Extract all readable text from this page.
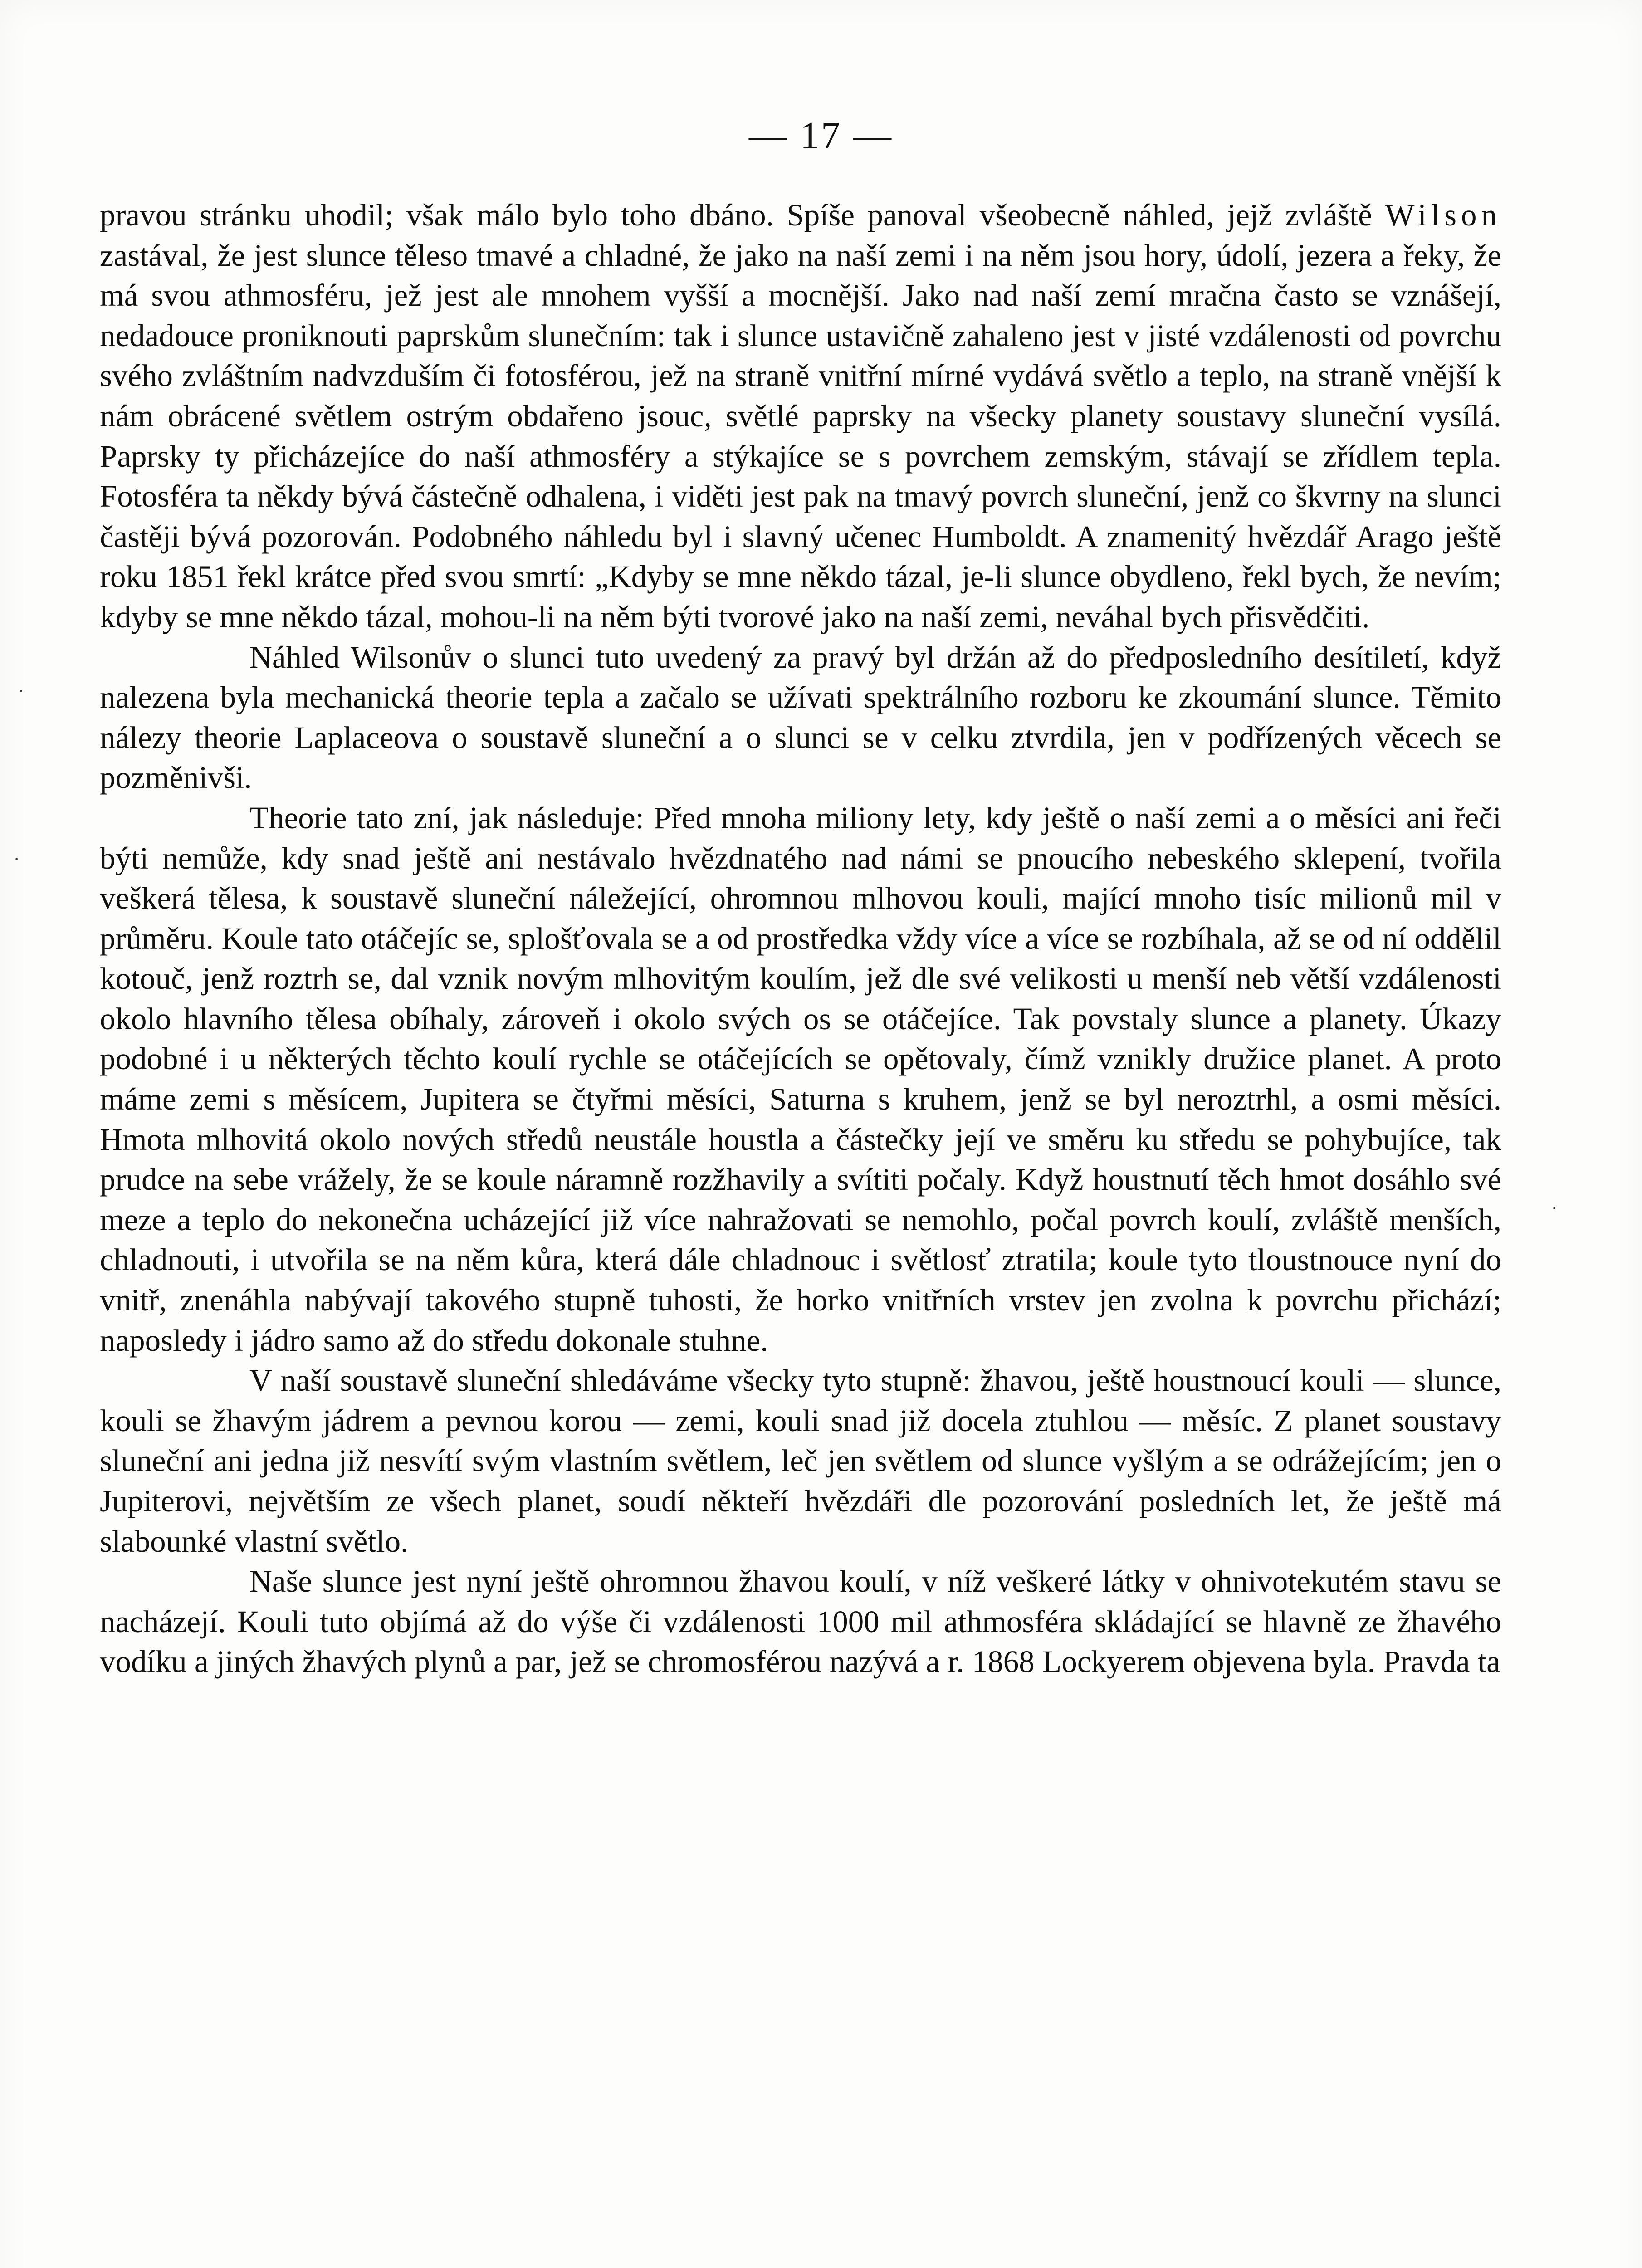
— 17 —

pravou stránku uhodil; však málo bylo toho dbáno. Spíše panoval všeobecně náhled, jejž zvláště Wilson zastával, že jest slunce těleso tmavé a chladné, že jako na naší zemi i na něm jsou hory, údolí, jezera a řeky, že má svou athmosféru, jež jest ale mnohem vyšší a mocnější. Jako nad naší zemí mračna často se vznášejí, nedadouce proniknouti paprskům slunečním: tak i slunce ustavičně zahaleno jest v jisté vzdálenosti od povrchu svého zvláštním nadvzduším či fotosférou, jež na straně vnitřní mírné vydává světlo a teplo, na straně vnější k nám obrácené světlem ostrým obdařeno jsouc, světlé paprsky na všecky planety soustavy sluneční vysílá. Paprsky ty přicházejíce do naší athmosféry a stýkajíce se s povrchem zemským, stávají se zřídlem tepla. Fotosféra ta někdy bývá částečně odhalena, i viděti jest pak na tmavý povrch sluneční, jenž co škvrny na slunci častěji bývá pozorován. Podobného náhledu byl i slavný učenec Humboldt. A znamenitý hvězdář Arago ještě roku 1851 řekl krátce před svou smrtí: „Kdyby se mne někdo tázal, je-li slunce obydleno, řekl bych, že nevím; kdyby se mne někdo tázal, mohou-li na něm býti tvorové jako na naší zemi, neváhal bych přisvědčiti.

Náhled Wilsonův o slunci tuto uvedený za pravý byl držán až do předposledního desítiletí, když nalezena byla mechanická theorie tepla a začalo se užívati spektrálního rozboru ke zkoumání slunce. Těmito nálezy theorie Laplaceova o soustavě sluneční a o slunci se v celku ztvrdila, jen v podřízených věcech se pozměnivši.

Theorie tato zní, jak následuje: Před mnoha miliony lety, kdy ještě o naší zemi a o měsíci ani řeči býti nemůže, kdy snad ještě ani nestávalo hvězdnatého nad námi se pnoucího nebeského sklepení, tvořila veškerá tělesa, k soustavě sluneční náležející, ohromnou mlhovou kouli, mající mnoho tisíc milionů mil v průměru. Koule tato otáčejíc se, splošťovala se a od prostředka vždy více a více se rozbíhala, až se od ní oddělil kotouč, jenž roztrh se, dal vznik novým mlhovitým koulím, jež dle své velikosti u menší neb větší vzdálenosti okolo hlavního tělesa obíhaly, zároveň i okolo svých os se otáčejíce. Tak povstaly slunce a planety. Úkazy podobné i u některých těchto koulí rychle se otáčejících se opětovaly, čímž vznikly družice planet. A proto máme zemi s měsícem, Jupitera se čtyřmi měsíci, Saturna s kruhem, jenž se byl neroztrhl, a osmi měsíci. Hmota mlhovitá okolo nových středů neustále houstla a částečky její ve směru ku středu se pohybujíce, tak prudce na sebe vrážely, že se koule náramně rozžhavily a svítiti počaly. Když houstnutí těch hmot dosáhlo své meze a teplo do nekonečna ucházející již více nahražovati se nemohlo, počal povrch koulí, zvláště menších, chladnouti, i utvořila se na něm kůra, která dále chladnouc i světlosť ztratila; koule tyto tloustnouce nyní do vnitř, znenáhla nabývají takového stupně tuhosti, že horko vnitřních vrstev jen zvolna k povrchu přichází; naposledy i jádro samo až do středu dokonale stuhne.

V naší soustavě sluneční shledáváme všecky tyto stupně: žhavou, ještě houstnoucí kouli — slunce, kouli se žhavým jádrem a pevnou korou — zemi, kouli snad již docela ztuhlou — měsíc. Z planet soustavy sluneční ani jedna již nesvítí svým vlastním světlem, leč jen světlem od slunce vyšlým a se odrážejícím; jen o Jupiterovi, největším ze všech planet, soudí někteří hvězdáři dle pozorování posledních let, že ještě má slabounké vlastní světlo.

Naše slunce jest nyní ještě ohromnou žhavou koulí, v níž veškeré látky v ohnivotekutém stavu se nacházejí. Kouli tuto objímá až do výše či vzdálenosti 1000 mil athmosféra skládající se hlavně ze žhavého vodíku a jiných žhavých plynů a par, jež se chromosférou nazývá a r. 1868 Lockyerem objevena byla. Pravda ta

·
·
·
